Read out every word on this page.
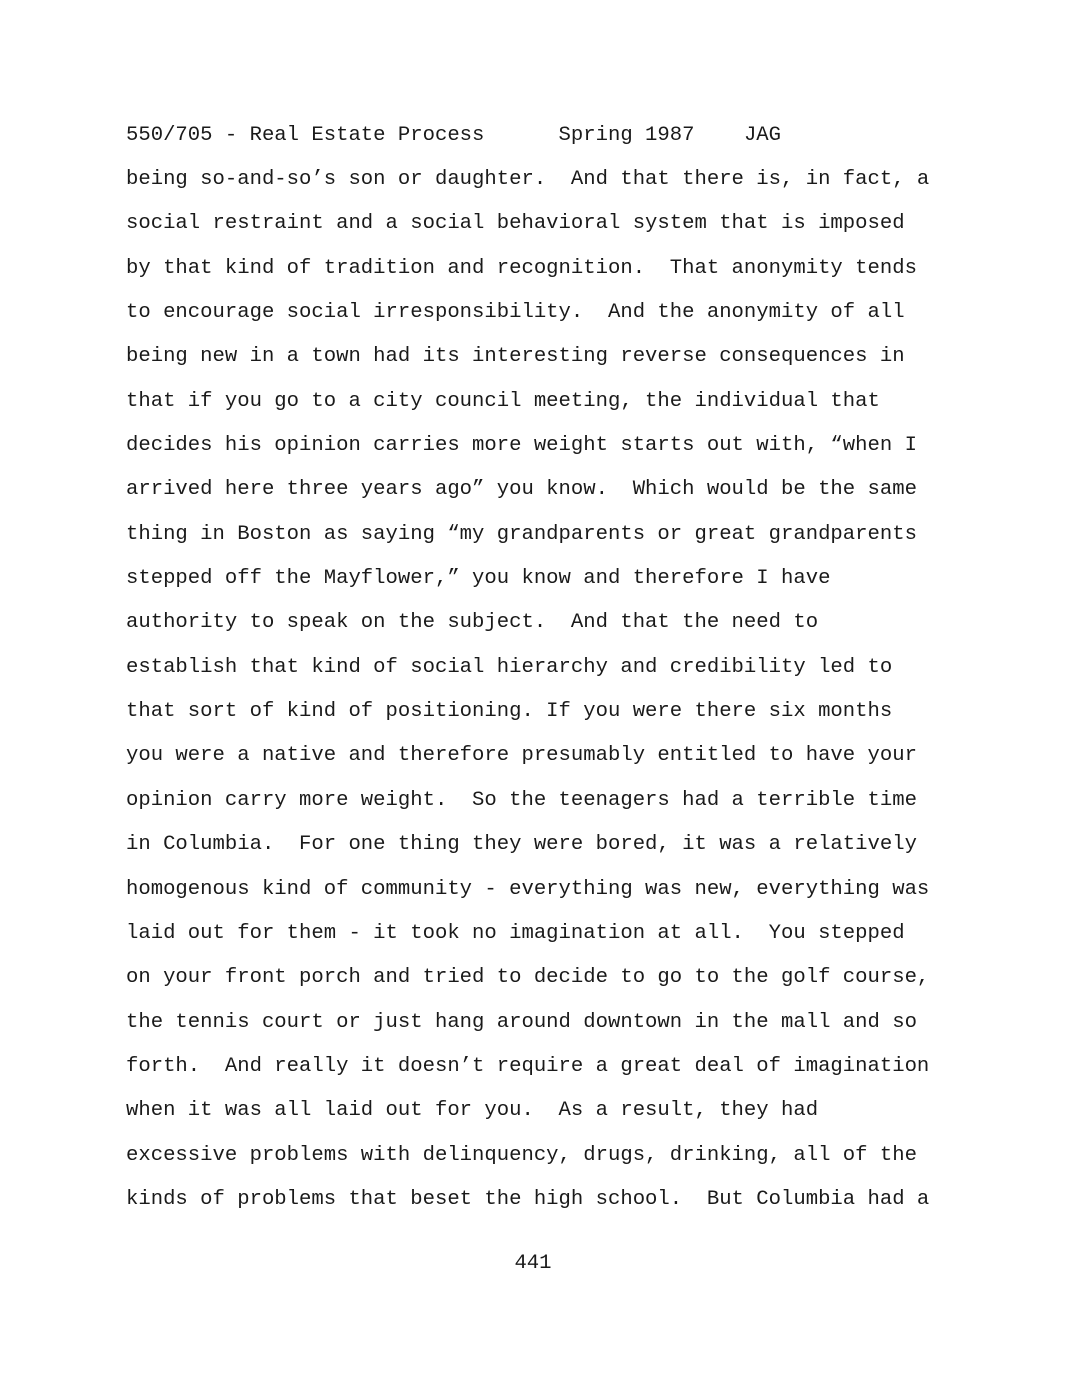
550/705 - Real Estate Process	Spring 1987 JAG
being so-and-so’s son or daughter.  And that there is, in fact, a
social restraint and a social behavioral system that is imposed
by that kind of tradition and recognition.  That anonymity tends
to encourage social irresponsibility.  And the anonymity of all
being new in a town had its interesting reverse consequences in
that if you go to a city council meeting, the individual that
decides his opinion carries more weight starts out with, “when I
arrived here three years ago” you know.  Which would be the same
thing in Boston as saying “my grandparents or great grandparents
stepped off the Mayflower,” you know and therefore I have
authority to speak on the subject.  And that the need to
establish that kind of social hierarchy and credibility led to
that sort of kind of positioning. If you were there six months
you were a native and therefore presumably entitled to have your
opinion carry more weight.  So the teenagers had a terrible time
in Columbia.  For one thing they were bored, it was a relatively
homogenous kind of community - everything was new, everything was
laid out for them - it took no imagination at all.  You stepped
on your front porch and tried to decide to go to the golf course,
the tennis court or just hang around downtown in the mall and so
forth.  And really it doesn’t require a great deal of imagination
when it was all laid out for you.  As a result, they had
excessive problems with delinquency, drugs, drinking, all of the
kinds of problems that beset the high school.  But Columbia had a
441
